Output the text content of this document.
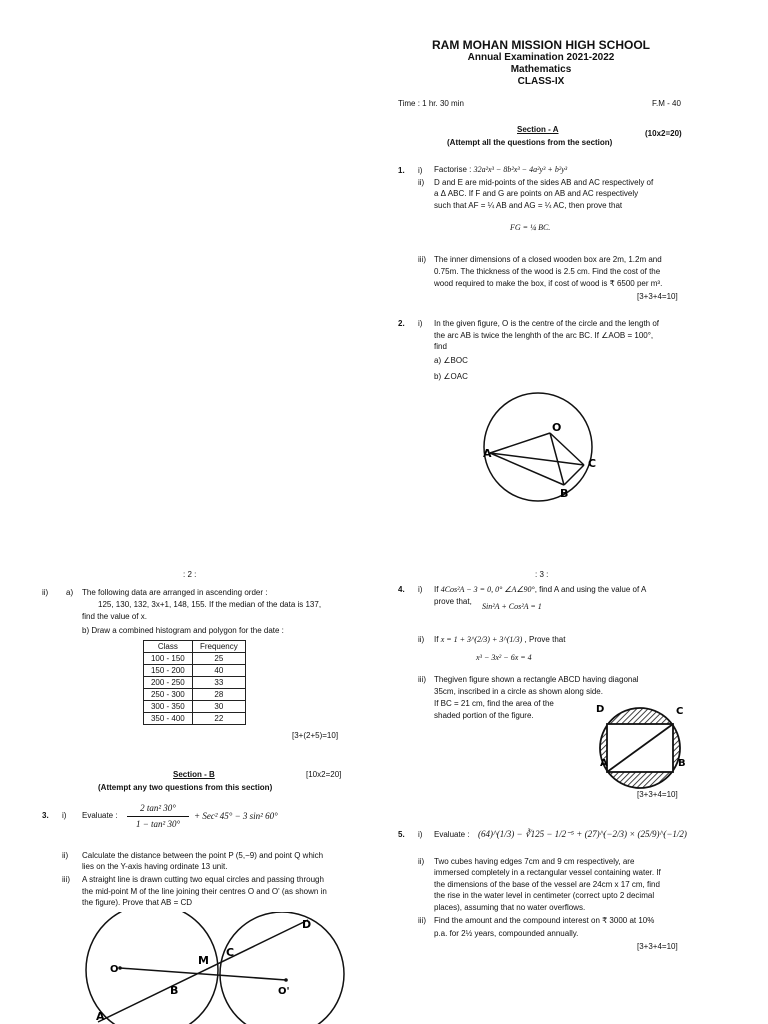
RAM MOHAN MISSION HIGH SCHOOL
Annual Examination 2021-2022
Mathematics
CLASS-IX
Time : 1 hr. 30 min	F.M - 40
Section - A	(10x2=20)
(Attempt all the questions from the section)
1. i) Factorise : 32a²x³ − 8b²x³ − 4a²y³ + b²y³
ii) D and E are mid-points of the sides AB and AC respectively of
a Δ ABC. If F and G are points on AB and AC respectively
such that AF = ¼ AB and AG = ¼ AC, then prove that
FG = ¼ BC.
iii) The inner dimensions of a closed wooden box are 2m, 1.2m and
0.75m. The thickness of the wood is 2.5 cm. Find the cost of the
wood required to make the box, if cost of wood is ₹ 6500 per m³.
[3+3+4=10]
2. i) In the given figure, O is the centre of the circle and the length of
the arc AB is twice the lenghth of the arc BC. If ∠AOB = 100°,
find
a) ∠BOC
b) ∠OAC
O
A
B
C
: 2 :
ii) a) The following data are arranged in ascending order :
125, 130, 132, 3x+1, 148, 155. If the median of the data is 137,
find the value of x.
b) Draw a combined histogram and polygon for the date :
Class	Frequency
100 - 150	25
150 - 200	40
200 - 250	33
250 - 300	28
300 - 350	30
350 - 400	22
[3+(2+5)=10]
Section - B	[10x2=20]
(Attempt any two questions from this section)
3. i) Evaluate :
2 tan² 30°
1 − tan² 30°
+ Sec² 45° − 3 sin² 60°
ii) Calculate the distance between the point P (5,−9) and point Q which
lies on the Y-axis having ordinate 13 unit.
iii) A straight line is drawn cutting two equal circles and passing through
the mid-point M of the line joining their centres O and O' (as shown in
the figure). Prove that AB = CD
O
O'
M
A
B
C
D
: 3 :
4. i) If 4Cos²A − 3 = 0, 0° ∠A∠90°, find A and using the value of A
prove that,
Sin²A + Cos²A = 1
ii) If x = 1 + 3^(2/3) + 3^(1/3) , Prove that
x³ − 3x² − 6x = 4
iii) Thegiven figure shown a rectangle ABCD having diagonal
35cm, inscribed in a circle as shown along side.
If BC = 21 cm, find the area of the
shaded portion of the figure.
D	C
A	B
[3+3+4=10]
5. i) Evaluate : (64)^(1/3) − ∛125 − 1/2⁻⁵ + (27)^(−2/3) × (25/9)^(−1/2)
ii) Two cubes having edges 7cm and 9 cm respectively, are
immersed completely in a rectangular vessel containing water. If
the dimensions of the base of the vessel are 24cm x 17 cm, find
the rise in the water level in centimeter (correct upto 2 decimal
places), assuming that no water overflows.
iii) Find the amount and the compound interest on ₹ 3000 at 10%
p.a. for 2½ years, compounded annually.
[3+3+4=10]
